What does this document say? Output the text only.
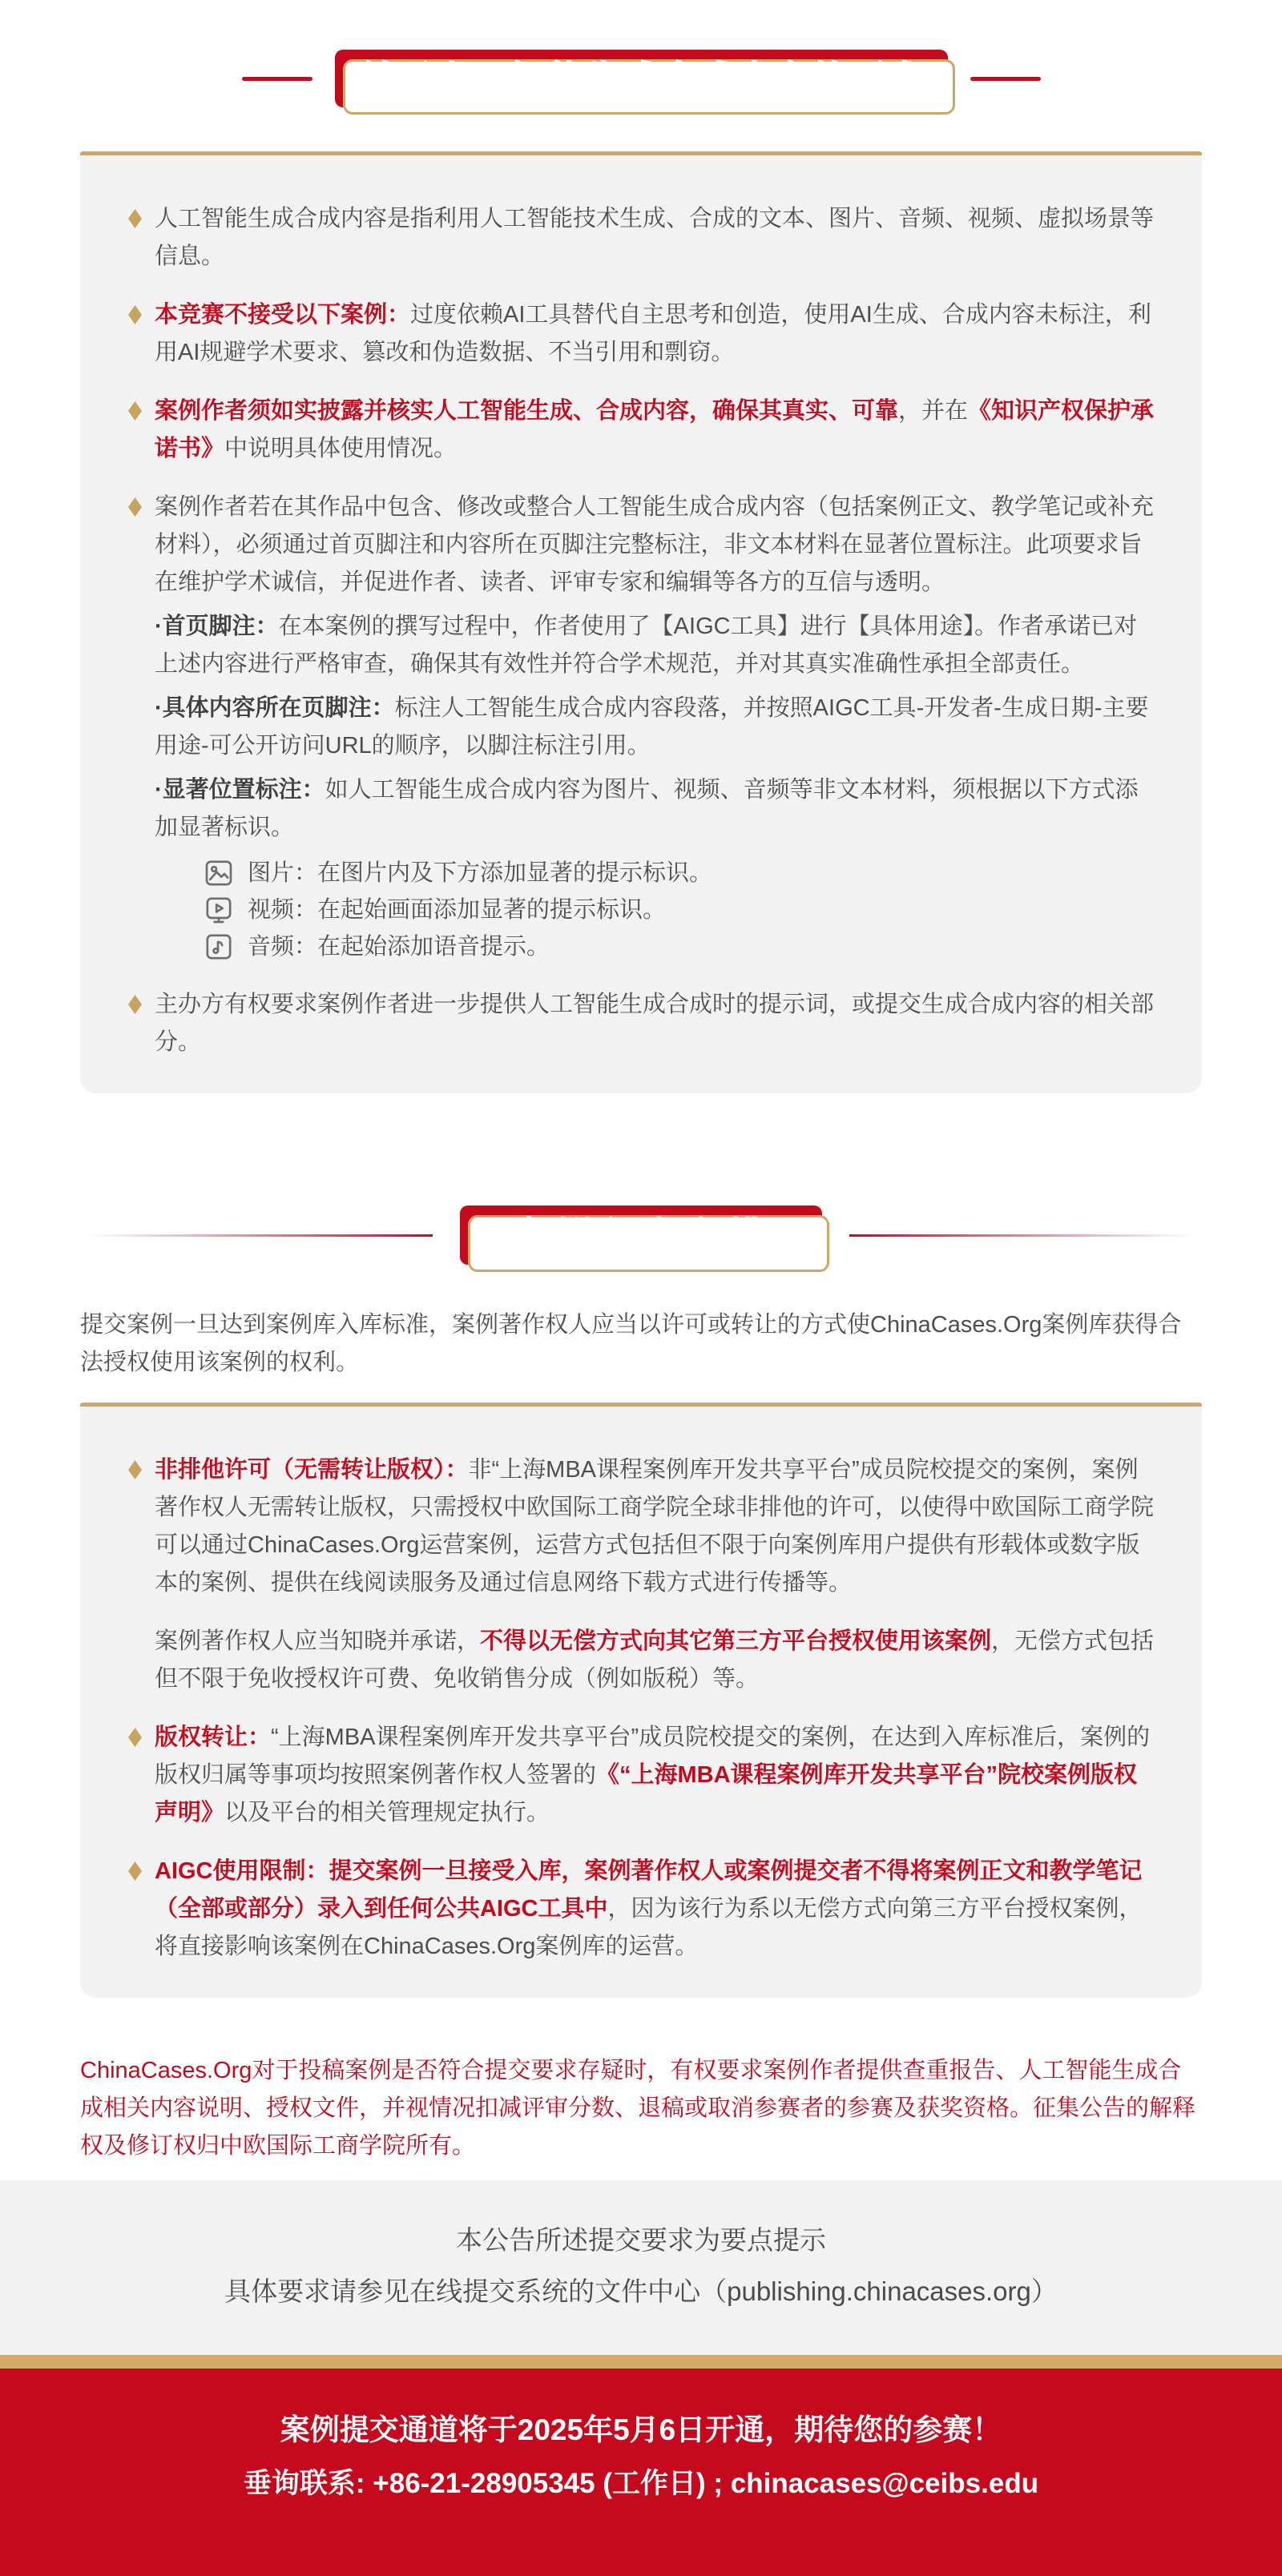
关于人工智能生成合成内容的要求

人工智能生成合成内容是指利用人工智能技术生成、合成的文本、图片、音频、视频、虚拟场景等信息。

本竞赛不接受以下案例：过度依赖AI工具替代自主思考和创造，使用AI生成、合成内容未标注，利用AI规避学术要求、篡改和伪造数据、不当引用和剽窃。

案例作者须如实披露并核实人工智能生成、合成内容，确保其真实、可靠，并在《知识产权保护承诺书》中说明具体使用情况。

案例作者若在其作品中包含、修改或整合人工智能生成合成内容（包括案例正文、教学笔记或补充材料），必须通过首页脚注和内容所在页脚注完整标注，非文本材料在显著位置标注。此项要求旨在维护学术诚信，并促进作者、读者、评审专家和编辑等各方的互信与透明。

·首页脚注：在本案例的撰写过程中，作者使用了【AIGC工具】进行【具体用途】。作者承诺已对上述内容进行严格审查，确保其有效性并符合学术规范，并对其真实准确性承担全部责任。

·具体内容所在页脚注：标注人工智能生成合成内容段落，并按照AIGC工具-开发者-生成日期-主要用途-可公开访问URL的顺序，以脚注标注引用。

·显著位置标注：如人工智能生成合成内容为图片、视频、音频等非文本材料，须根据以下方式添加显著标识。

图片：在图片内及下方添加显著的提示标识。
视频：在起始画面添加显著的提示标识。
音频：在起始添加语音提示。

主办方有权要求案例作者进一步提供人工智能生成合成时的提示词，或提交生成合成内容的相关部分。

案例入库安排

提交案例一旦达到案例库入库标准，案例著作权人应当以许可或转让的方式使ChinaCases.Org案例库获得合法授权使用该案例的权利。

非排他许可（无需转让版权）：非“上海MBA课程案例库开发共享平台”成员院校提交的案例，案例著作权人无需转让版权，只需授权中欧国际工商学院全球非排他的许可，以使得中欧国际工商学院可以通过ChinaCases.Org运营案例，运营方式包括但不限于向案例库用户提供有形载体或数字版本的案例、提供在线阅读服务及通过信息网络下载方式进行传播等。

案例著作权人应当知晓并承诺，不得以无偿方式向其它第三方平台授权使用该案例，无偿方式包括但不限于免收授权许可费、免收销售分成（例如版税）等。

版权转让：“上海MBA课程案例库开发共享平台”成员院校提交的案例，在达到入库标准后，案例的版权归属等事项均按照案例著作权人签署的《“上海MBA课程案例库开发共享平台”院校案例版权声明》以及平台的相关管理规定执行。

AIGC使用限制：提交案例一旦接受入库，案例著作权人或案例提交者不得将案例正文和教学笔记（全部或部分）录入到任何公共AIGC工具中，因为该行为系以无偿方式向第三方平台授权案例，将直接影响该案例在ChinaCases.Org案例库的运营。

ChinaCases.Org对于投稿案例是否符合提交要求存疑时，有权要求案例作者提供查重报告、人工智能生成合成相关内容说明、授权文件，并视情况扣减评审分数、退稿或取消参赛者的参赛及获奖资格。征集公告的解释权及修订权归中欧国际工商学院所有。

本公告所述提交要求为要点提示

具体要求请参见在线提交系统的文件中心（publishing.chinacases.org）

案例提交通道将于2025年5月6日开通，期待您的参赛！

垂询联系: +86-21-28905345 (工作日) ; chinacases@ceibs.edu
